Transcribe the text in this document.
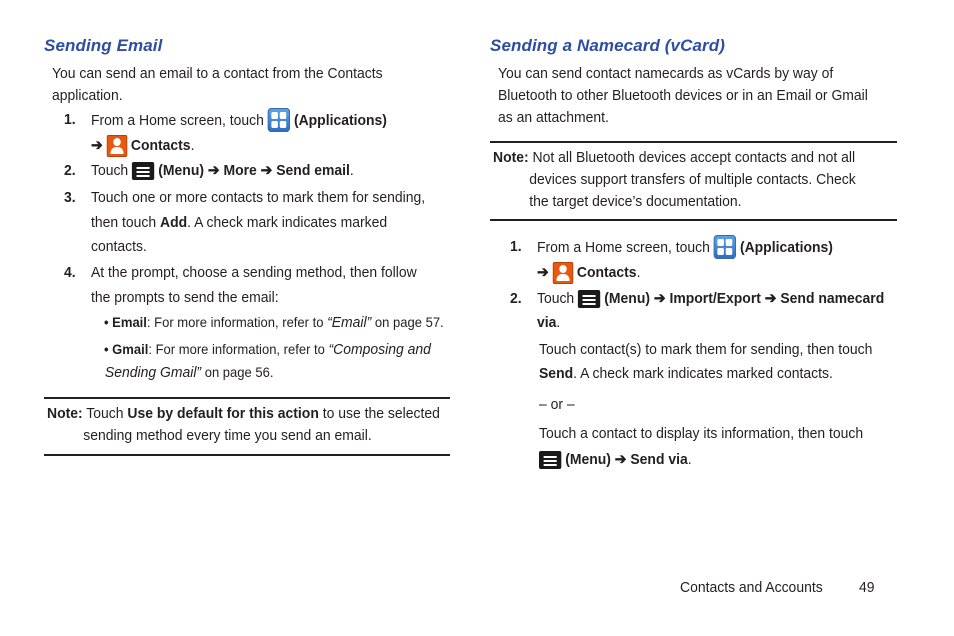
Sending Email
You can send an email to a contact from the Contacts
application.
1. From a Home screen, touch (Applications)
➔ Contacts.
2. Touch (Menu) ➔ More ➔ Send email.
3. Touch one or more contacts to mark them for sending,
then touch Add. A check mark indicates marked
contacts.
4. At the prompt, choose a sending method, then follow
the prompts to send the email:
• Email: For more information, refer to “Email” on page 57.
• Gmail: For more information, refer to “Composing and
Sending Gmail” on page 56.
Note: Touch Use by default for this action to use the selected
sending method every time you send an email.
Sending a Namecard (vCard)
You can send contact namecards as vCards by way of
Bluetooth to other Bluetooth devices or in an Email or Gmail
as an attachment.
Note: Not all Bluetooth devices accept contacts and not all
devices support transfers of multiple contacts. Check
the target device’s documentation.
1. From a Home screen, touch (Applications)
➔ Contacts.
2. Touch (Menu) ➔ Import/Export ➔ Send namecard
via.
Touch contact(s) to mark them for sending, then touch
Send. A check mark indicates marked contacts.
– or –
Touch a contact to display its information, then touch
(Menu) ➔ Send via.
Contacts and Accounts 49
